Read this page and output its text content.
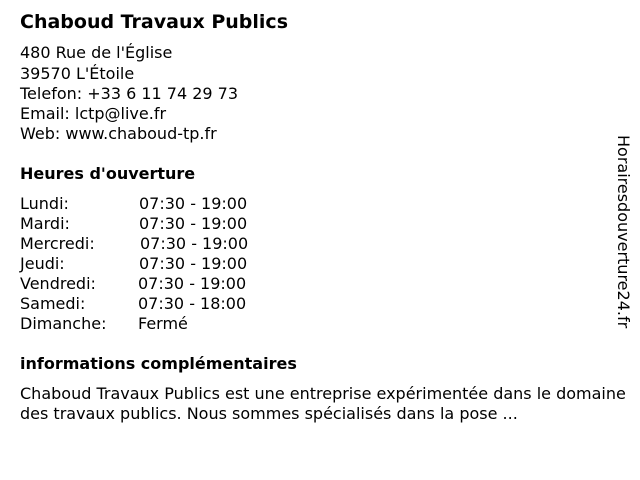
Chaboud Travaux Publics
480 Rue de l'Église
39570 L'Étoile
Telefon: +33 6 11 74 29 73
Email: lctp@live.fr
Web: www.chaboud-tp.fr
Heures d'ouverture
Lundi:	07:30 - 19:00
Mardi:	07:30 - 19:00
Mercredi:	07:30 - 19:00
Jeudi:	07:30 - 19:00
Vendredi:	07:30 - 19:00
Samedi:	07:30 - 18:00
Dimanche: Fermé
informations complémentaires
Chaboud Travaux Publics est une entreprise expérimentée dans le domaine des travaux publics. Nous sommes spécialisés dans la pose ...
Horairesdouverture24.fr
